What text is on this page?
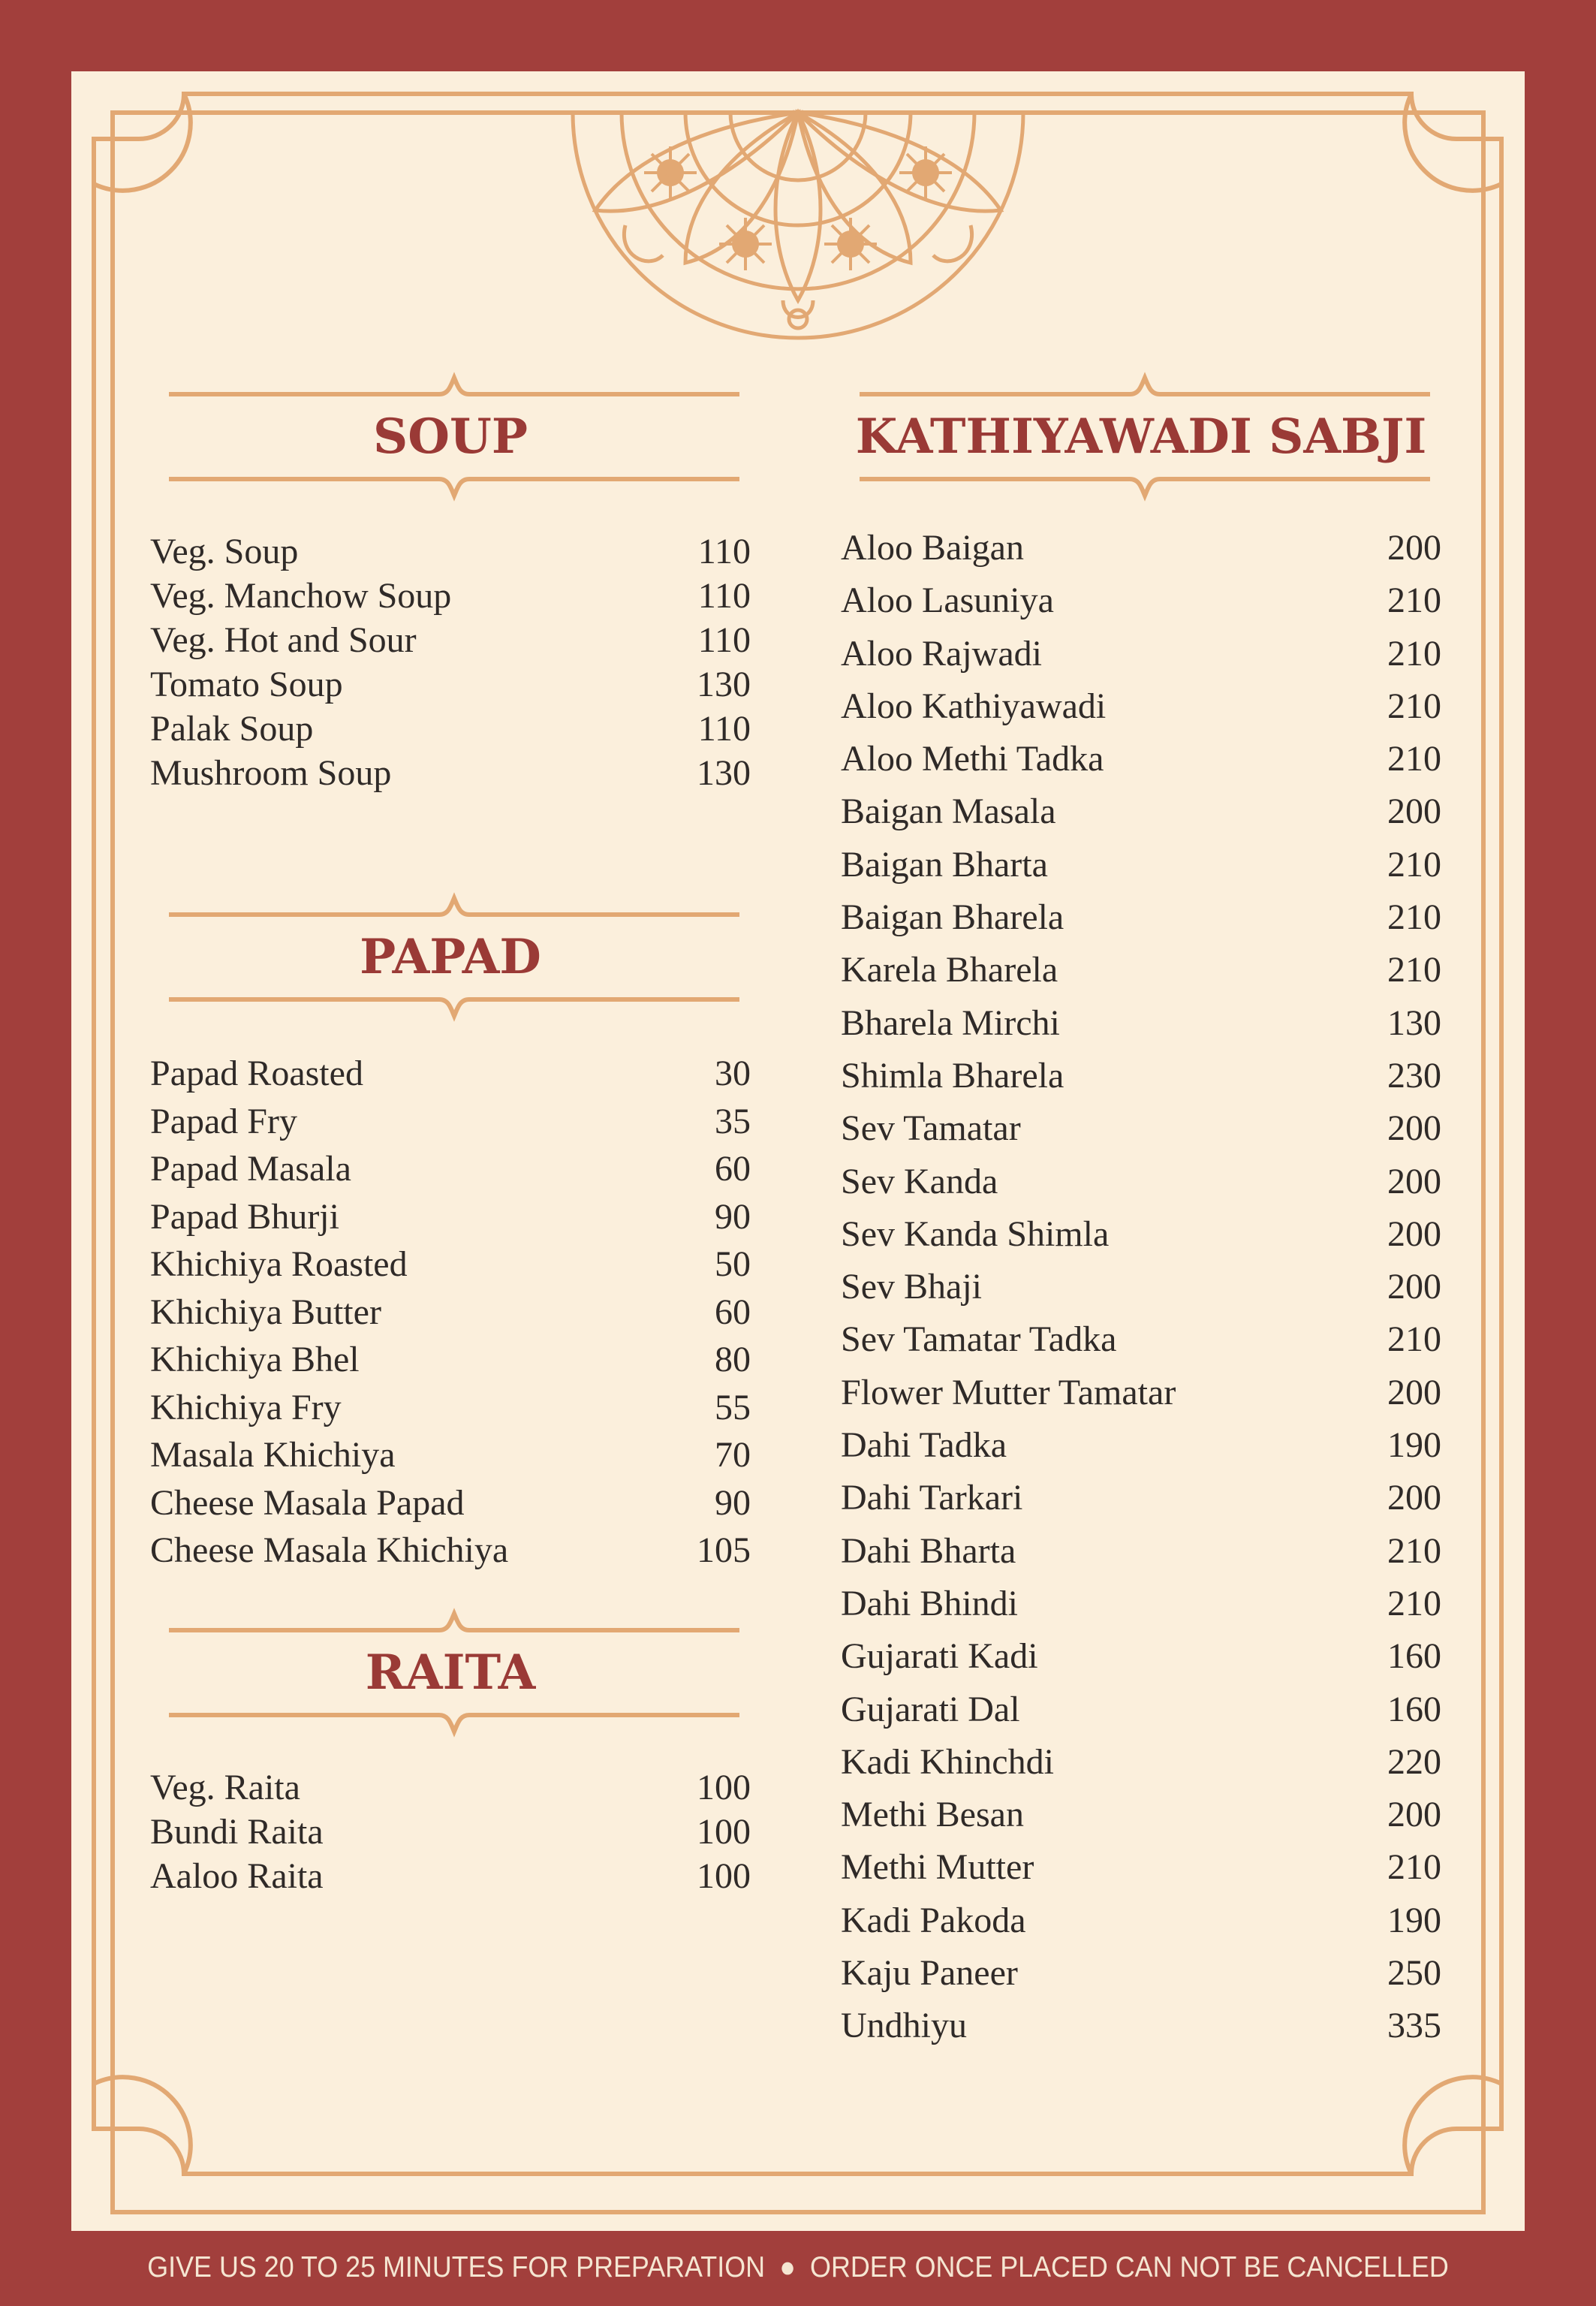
SOUP
Veg. Soup	110
Veg. Manchow Soup	110
Veg. Hot and Sour	110
Tomato Soup	130
Palak Soup	110
Mushroom Soup	130
PAPAD
Papad Roasted	30
Papad Fry	35
Papad Masala	60
Papad Bhurji	90
Khichiya Roasted	50
Khichiya Butter	60
Khichiya Bhel	80
Khichiya Fry	55
Masala Khichiya	70
Cheese Masala Papad	90
Cheese Masala Khichiya	105
RAITA
Veg. Raita	100
Bundi Raita	100
Aaloo Raita	100
KATHIYAWADI SABJI
Aloo Baigan	200
Aloo Lasuniya	210
Aloo Rajwadi	210
Aloo Kathiyawadi	210
Aloo Methi Tadka	210
Baigan Masala	200
Baigan Bharta	210
Baigan Bharela	210
Karela Bharela	210
Bharela Mirchi	130
Shimla Bharela	230
Sev Tamatar	200
Sev Kanda	200
Sev Kanda Shimla	200
Sev Bhaji	200
Sev Tamatar Tadka	210
Flower Mutter Tamatar	200
Dahi Tadka	190
Dahi Tarkari	200
Dahi Bharta	210
Dahi Bhindi	210
Gujarati Kadi	160
Gujarati Dal	160
Kadi Khinchdi	220
Methi Besan	200
Methi Mutter	210
Kadi Pakoda	190
Kaju Paneer	250
Undhiyu	335
GIVE US 20 TO 25 MINUTES FOR PREPARATION ● ORDER ONCE PLACED CAN NOT BE CANCELLED
